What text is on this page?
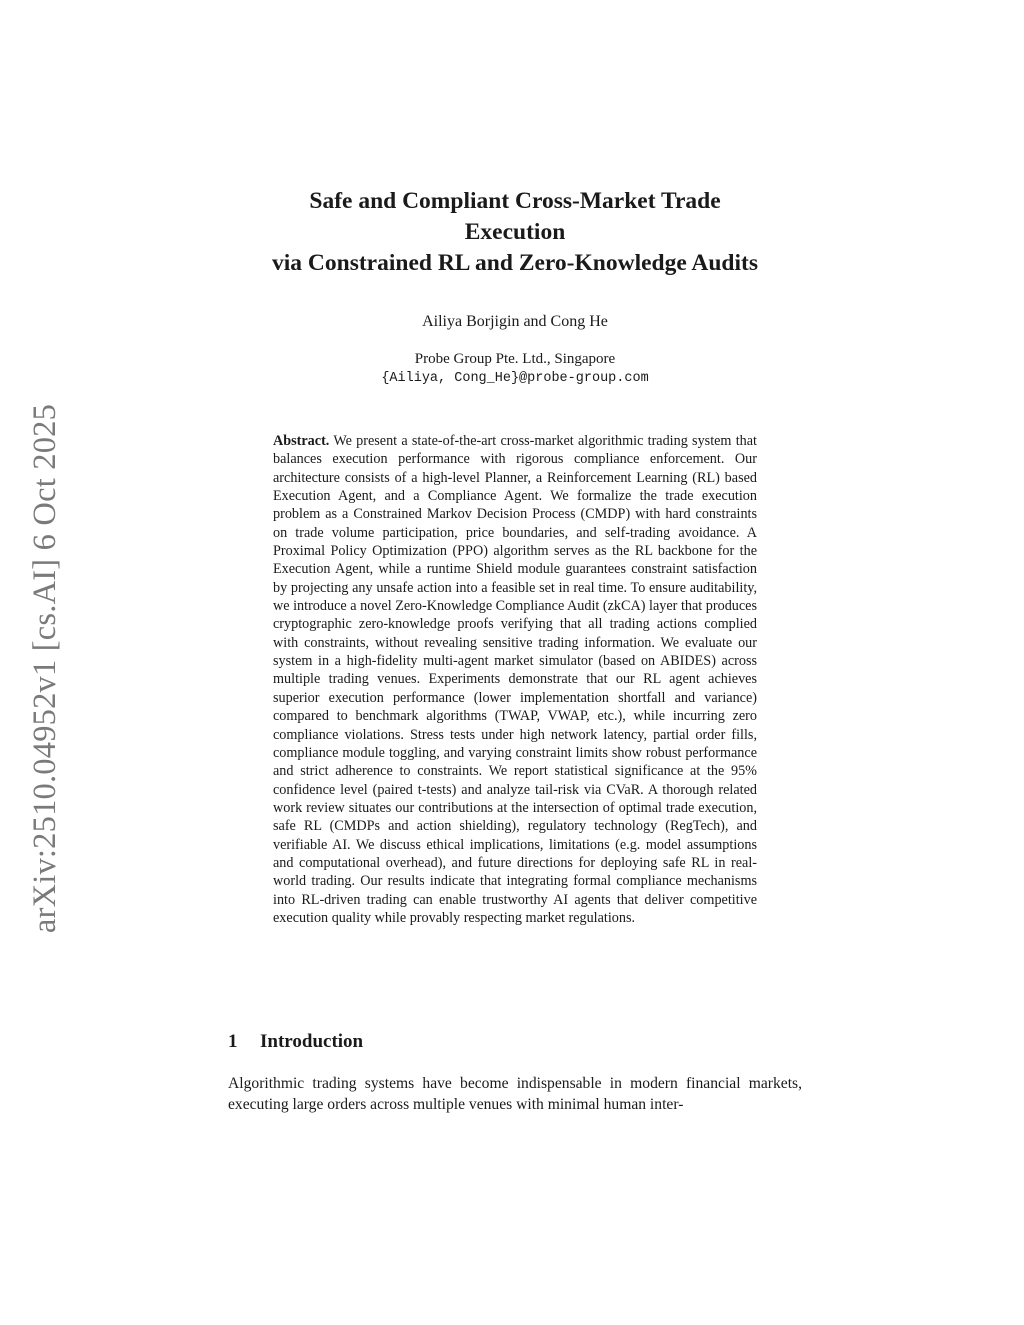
arXiv:2510.04952v1 [cs.AI] 6 Oct 2025
Safe and Compliant Cross-Market Trade
Execution
via Constrained RL and Zero-Knowledge Audits
Ailiya Borjigin and Cong He
Probe Group Pte. Ltd., Singapore
{Ailiya, Cong_He}@probe-group.com
Abstract. We present a state-of-the-art cross-market algorithmic trading system that balances execution performance with rigorous compliance enforcement. Our architecture consists of a high-level Planner, a Reinforcement Learning (RL) based Execution Agent, and a Compliance Agent. We formalize the trade execution problem as a Constrained Markov Decision Process (CMDP) with hard constraints on trade volume participation, price boundaries, and self-trading avoidance. A Proximal Policy Optimization (PPO) algorithm serves as the RL backbone for the Execution Agent, while a runtime Shield module guarantees constraint satisfaction by projecting any unsafe action into a feasible set in real time. To ensure auditability, we introduce a novel Zero-Knowledge Compliance Audit (zkCA) layer that produces cryptographic zero-knowledge proofs verifying that all trading actions complied with constraints, without revealing sensitive trading information. We evaluate our system in a high-fidelity multi-agent market simulator (based on ABIDES) across multiple trading venues. Experiments demonstrate that our RL agent achieves superior execution performance (lower implementation shortfall and variance) compared to benchmark algorithms (TWAP, VWAP, etc.), while incurring zero compliance violations. Stress tests under high network latency, partial order fills, compliance module toggling, and varying constraint limits show robust performance and strict adherence to constraints. We report statistical significance at the 95% confidence level (paired t-tests) and analyze tail-risk via CVaR. A thorough related work review situates our contributions at the intersection of optimal trade execution, safe RL (CMDPs and action shielding), regulatory technology (RegTech), and verifiable AI. We discuss ethical implications, limitations (e.g. model assumptions and computational overhead), and future directions for deploying safe RL in real-world trading. Our results indicate that integrating formal compliance mechanisms into RL-driven trading can enable trustworthy AI agents that deliver competitive execution quality while provably respecting market regulations.
1 Introduction
Algorithmic trading systems have become indispensable in modern financial markets, executing large orders across multiple venues with minimal human inter-
